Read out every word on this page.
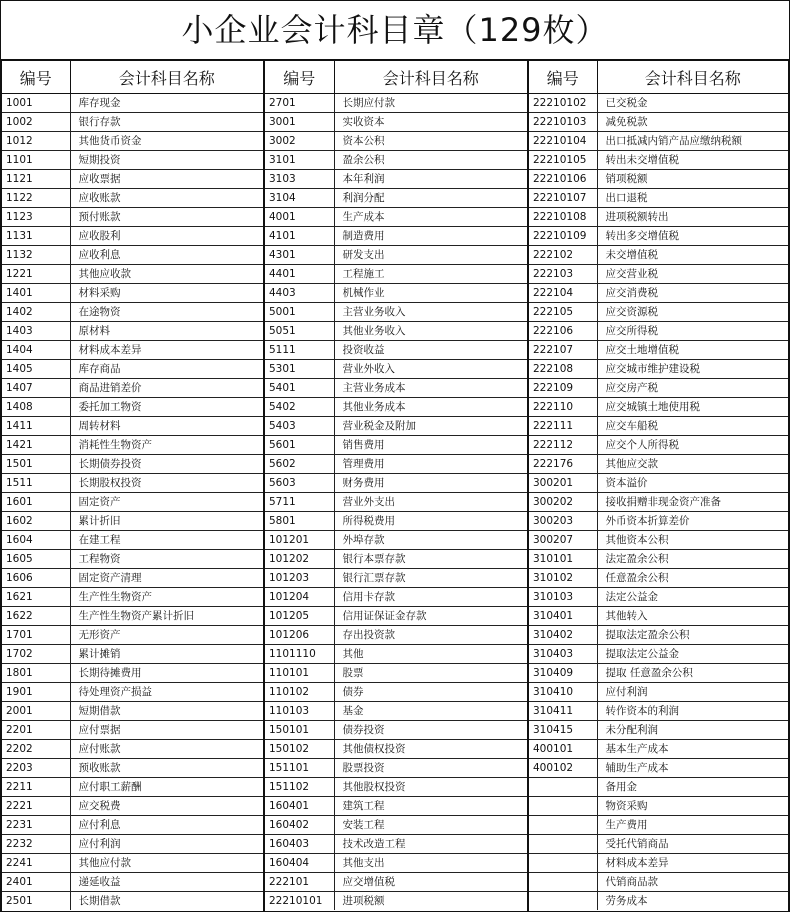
小企业会计科目章（129枚）
编号	会计科目名称
1001	库存现金
1002	银行存款
1012	其他货币资金
1101	短期投资
1121	应收票据
1122	应收账款
1123	预付账款
1131	应收股利
1132	应收利息
1221	其他应收款
1401	材料采购
1402	在途物资
1403	原材料
1404	材料成本差异
1405	库存商品
1407	商品进销差价
1408	委托加工物资
1411	周转材料
1421	消耗性生物资产
1501	长期债券投资
1511	长期股权投资
1601	固定资产
1602	累计折旧
1604	在建工程
1605	工程物资
1606	固定资产清理
1621	生产性生物资产
1622	生产性生物资产累计折旧
1701	无形资产
1702	累计摊销
1801	长期待摊费用
1901	待处理资产损益
2001	短期借款
2201	应付票据
2202	应付账款
2203	预收账款
2211	应付职工薪酬
2221	应交税费
2231	应付利息
2232	应付利润
2241	其他应付款
2401	递延收益
2501	长期借款
编号	会计科目名称
2701	长期应付款
3001	实收资本
3002	资本公积
3101	盈余公积
3103	本年利润
3104	利润分配
4001	生产成本
4101	制造费用
4301	研发支出
4401	工程施工
4403	机械作业
5001	主营业务收入
5051	其他业务收入
5111	投资收益
5301	营业外收入
5401	主营业务成本
5402	其他业务成本
5403	营业税金及附加
5601	销售费用
5602	管理费用
5603	财务费用
5711	营业外支出
5801	所得税费用
101201	外埠存款
101202	银行本票存款
101203	银行汇票存款
101204	信用卡存款
101205	信用证保证金存款
101206	存出投资款
1101110	其他
110101	股票
110102	债券
110103	基金
150101	债券投资
150102	其他债权投资
151101	股票投资
151102	其他股权投资
160401	建筑工程
160402	安装工程
160403	技术改造工程
160404	其他支出
222101	应交增值税
22210101	进项税额
编号	会计科目名称
22210102	已交税金
22210103	减免税款
22210104	出口抵减内销产品应缴纳税额
22210105	转出未交增值税
22210106	销项税额
22210107	出口退税
22210108	进项税额转出
22210109	转出多交增值税
222102	未交增值税
222103	应交营业税
222104	应交消费税
222105	应交资源税
222106	应交所得税
222107	应交土地增值税
222108	应交城市维护建设税
222109	应交房产税
222110	应交城镇土地使用税
222111	应交车船税
222112	应交个人所得税
222176	其他应交款
300201	资本溢价
300202	接收捐赠非现金资产准备
300203	外币资本折算差价
300207	其他资本公积
310101	法定盈余公积
310102	任意盈余公积
310103	法定公益金
310401	其他转入
310402	提取法定盈余公积
310403	提取法定公益金
310409	提取 任意盈余公积
310410	应付利润
310411	转作资本的利润
310415	未分配利润
400101	基本生产成本
400102	辅助生产成本
	备用金
	物资采购
	生产费用
	受托代销商品
	材料成本差异
	代销商品款
	劳务成本
